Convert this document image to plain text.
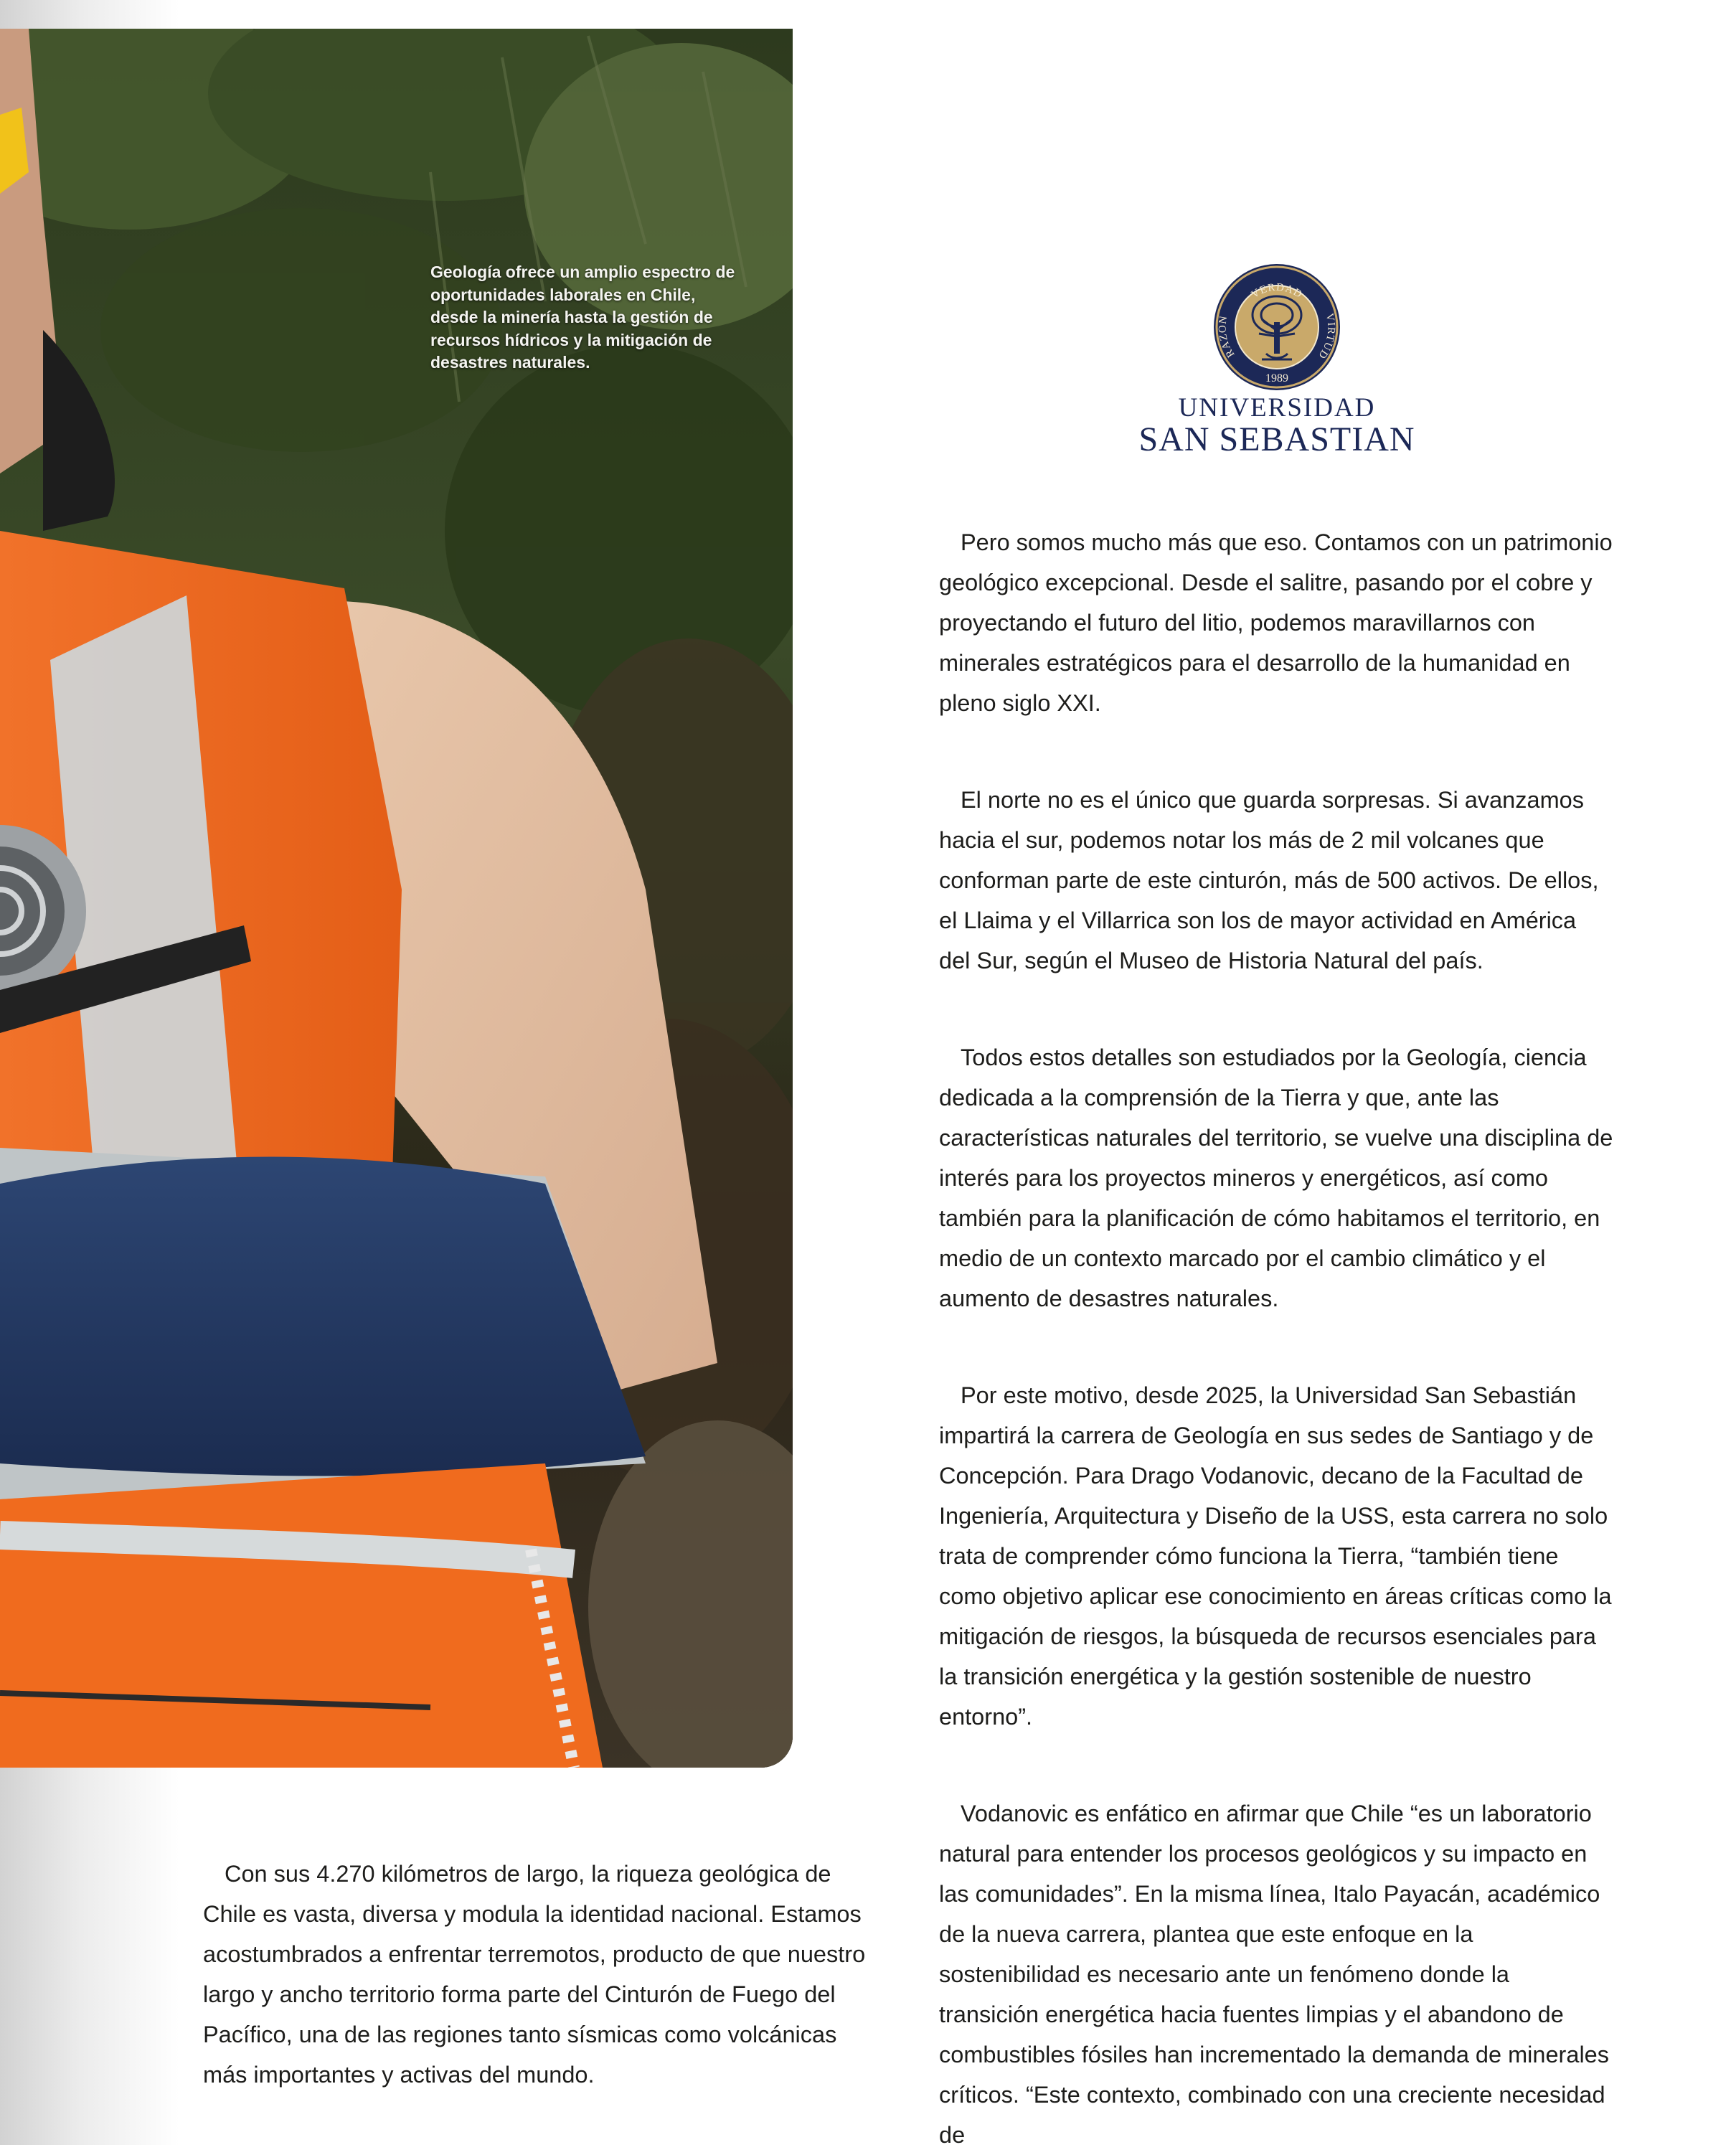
Geología ofrece un amplio espectro de oportunidades laborales en Chile, desde la minería hasta la gestión de recursos hídricos y la mitigación de desastres naturales.
VERDAD
RAZON	VIRTUD
1989
UNIVERSIDAD
SAN SEBASTIAN

Pero somos mucho más que eso. Contamos con un patrimonio geológico excepcional. Desde el salitre, pasando por el cobre y proyectando el futuro del litio, podemos maravillarnos con minerales estratégicos para el desarrollo de la humanidad en pleno siglo XXI.

El norte no es el único que guarda sorpresas. Si avanzamos hacia el sur, podemos notar los más de 2 mil volcanes que conforman parte de este cinturón, más de 500 activos. De ellos, el Llaima y el Villarrica son los de mayor actividad en América del Sur, según el Museo de Historia Natural del país.

Todos estos detalles son estudiados por la Geología, ciencia dedicada a la comprensión de la Tierra y que, ante las características naturales del territorio, se vuelve una disciplina de interés para los proyectos mineros y energéticos, así como también para la planificación de cómo habitamos el territorio, en medio de un contexto marcado por el cambio climático y el aumento de desastres naturales.

Por este motivo, desde 2025, la Universidad San Sebastián impartirá la carrera de Geología en sus sedes de Santiago y de Concepción. Para Drago Vodanovic, decano de la Facultad de Ingeniería, Arquitectura y Diseño de la USS, esta carrera no solo trata de comprender cómo funciona la Tierra, “también tiene como objetivo aplicar ese conocimiento en áreas críticas como la mitigación de riesgos, la búsqueda de recursos esenciales para la transición energética y la gestión sostenible de nuestro entorno”.

Vodanovic es enfático en afirmar que Chile “es un laboratorio natural para entender los procesos geológicos y su impacto en las comunidades”. En la misma línea, Italo Payacán, académico de la nueva carrera, plantea que este enfoque en la sostenibilidad es necesario ante un fenómeno donde la transición energética hacia fuentes limpias y el abandono de combustibles fósiles han incrementado la demanda de minerales críticos. “Este contexto, combinado con una creciente necesidad de

Con sus 4.270 kilómetros de largo, la riqueza geológica de Chile es vasta, diversa y modula la identidad nacional. Estamos acostumbrados a enfrentar terremotos, producto de que nuestro largo y ancho territorio forma parte del Cinturón de Fuego del Pacífico, una de las regiones tanto sísmicas como volcánicas más importantes y activas del mundo.
